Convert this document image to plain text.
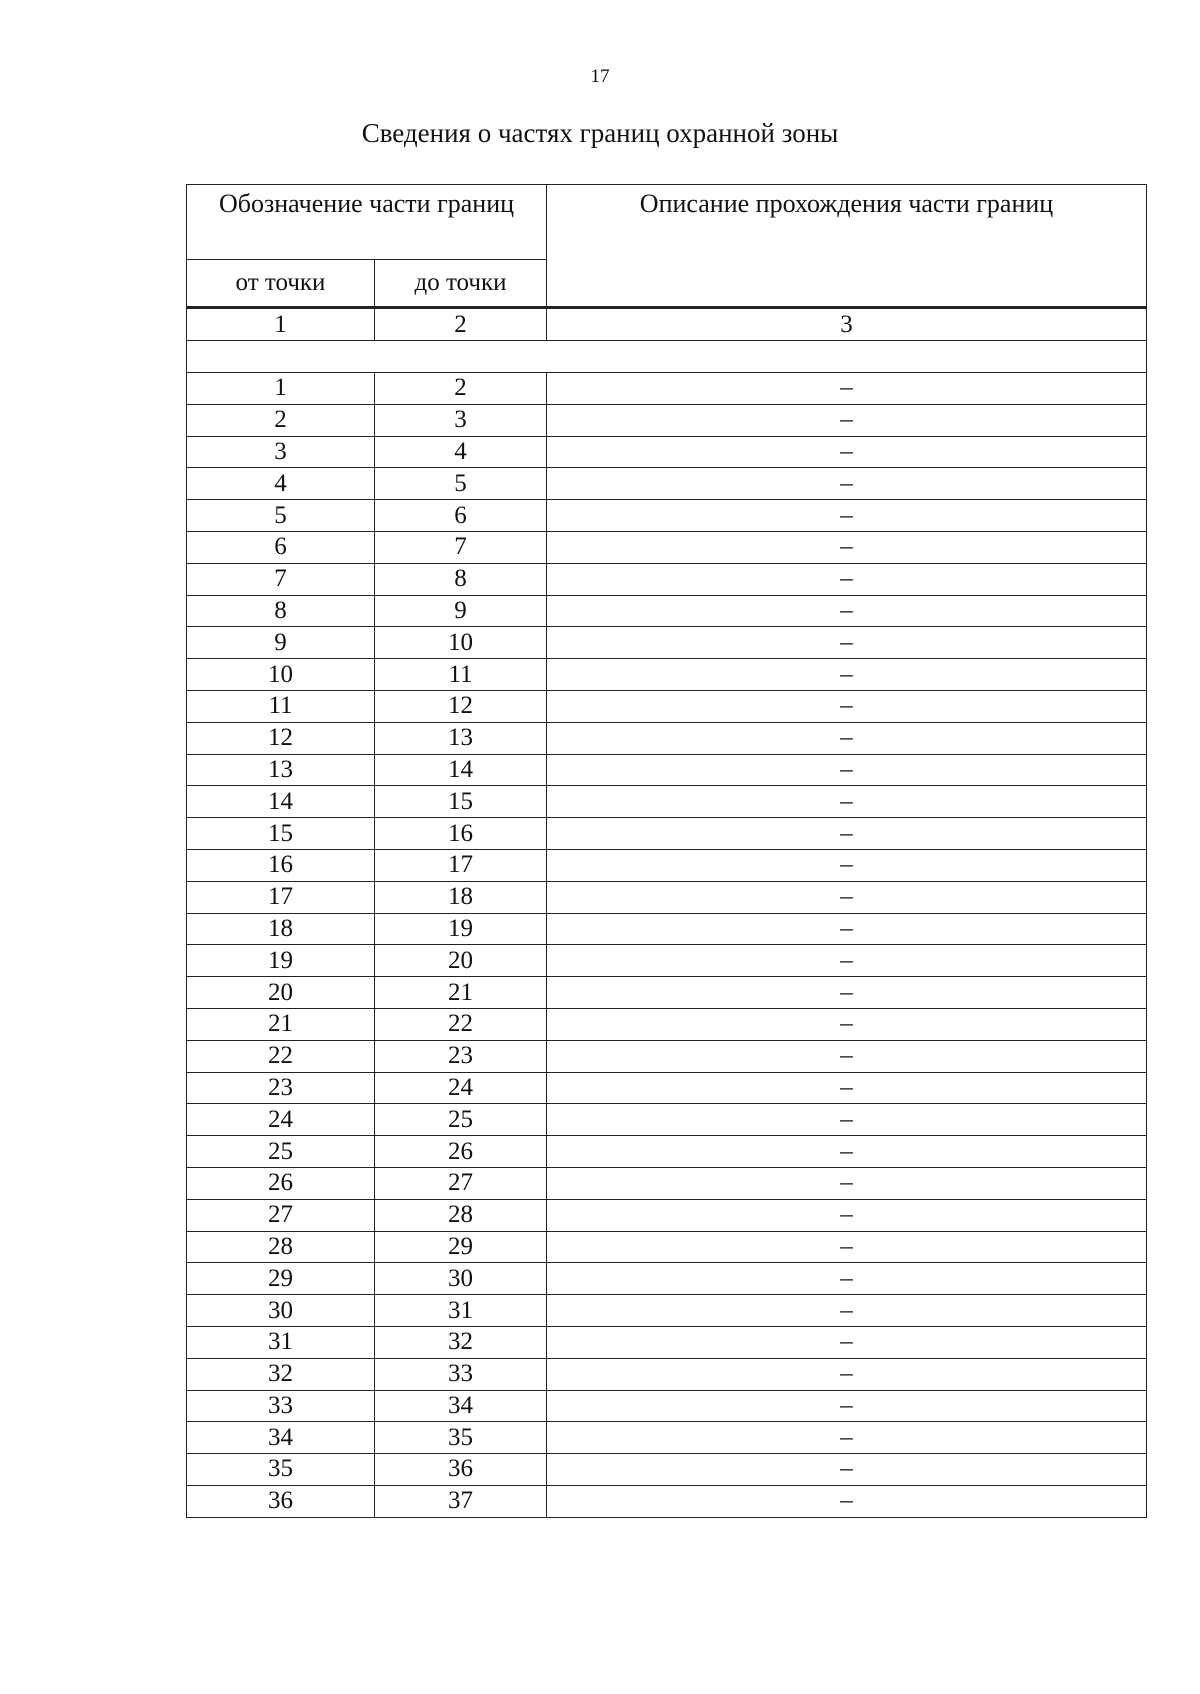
17
Сведения о частях границ охранной зоны
Обозначение части границ		Описание прохождения части границ
от точки	до точки	
1	2	3

1	2	–
2	3	–
3	4	–
4	5	–
5	6	–
6	7	–
7	8	–
8	9	–
9	10	–
10	11	–
11	12	–
12	13	–
13	14	–
14	15	–
15	16	–
16	17	–
17	18	–
18	19	–
19	20	–
20	21	–
21	22	–
22	23	–
23	24	–
24	25	–
25	26	–
26	27	–
27	28	–
28	29	–
29	30	–
30	31	–
31	32	–
32	33	–
33	34	–
34	35	–
35	36	–
36	37	–
